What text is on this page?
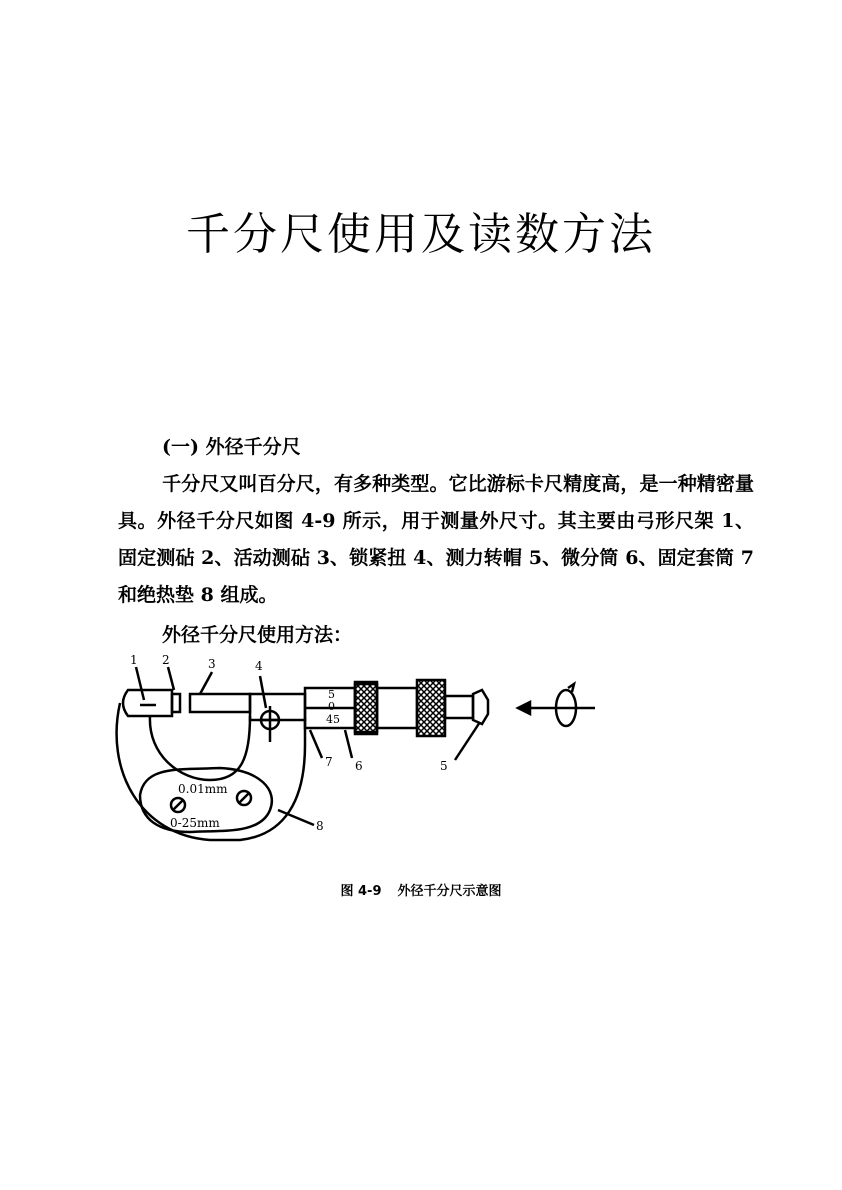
千分尺使用及读数方法
(一) 外径千分尺
千分尺又叫百分尺，有多种类型。它比游标卡尺精度高，是一种精密量具。外径千分尺如图 4-9 所示，用于测量外尺寸。其主要由弓形尺架 1、固定测砧 2、活动测砧 3、锁紧扭 4、测力转帽 5、微分筒 6、固定套筒 7 和绝热垫 8 组成。
外径千分尺使用方法：
1 2	3	4
5
6
7
8
0.01mm
0-25mm
5
0
45
图 4-9 外径千分尺示意图
